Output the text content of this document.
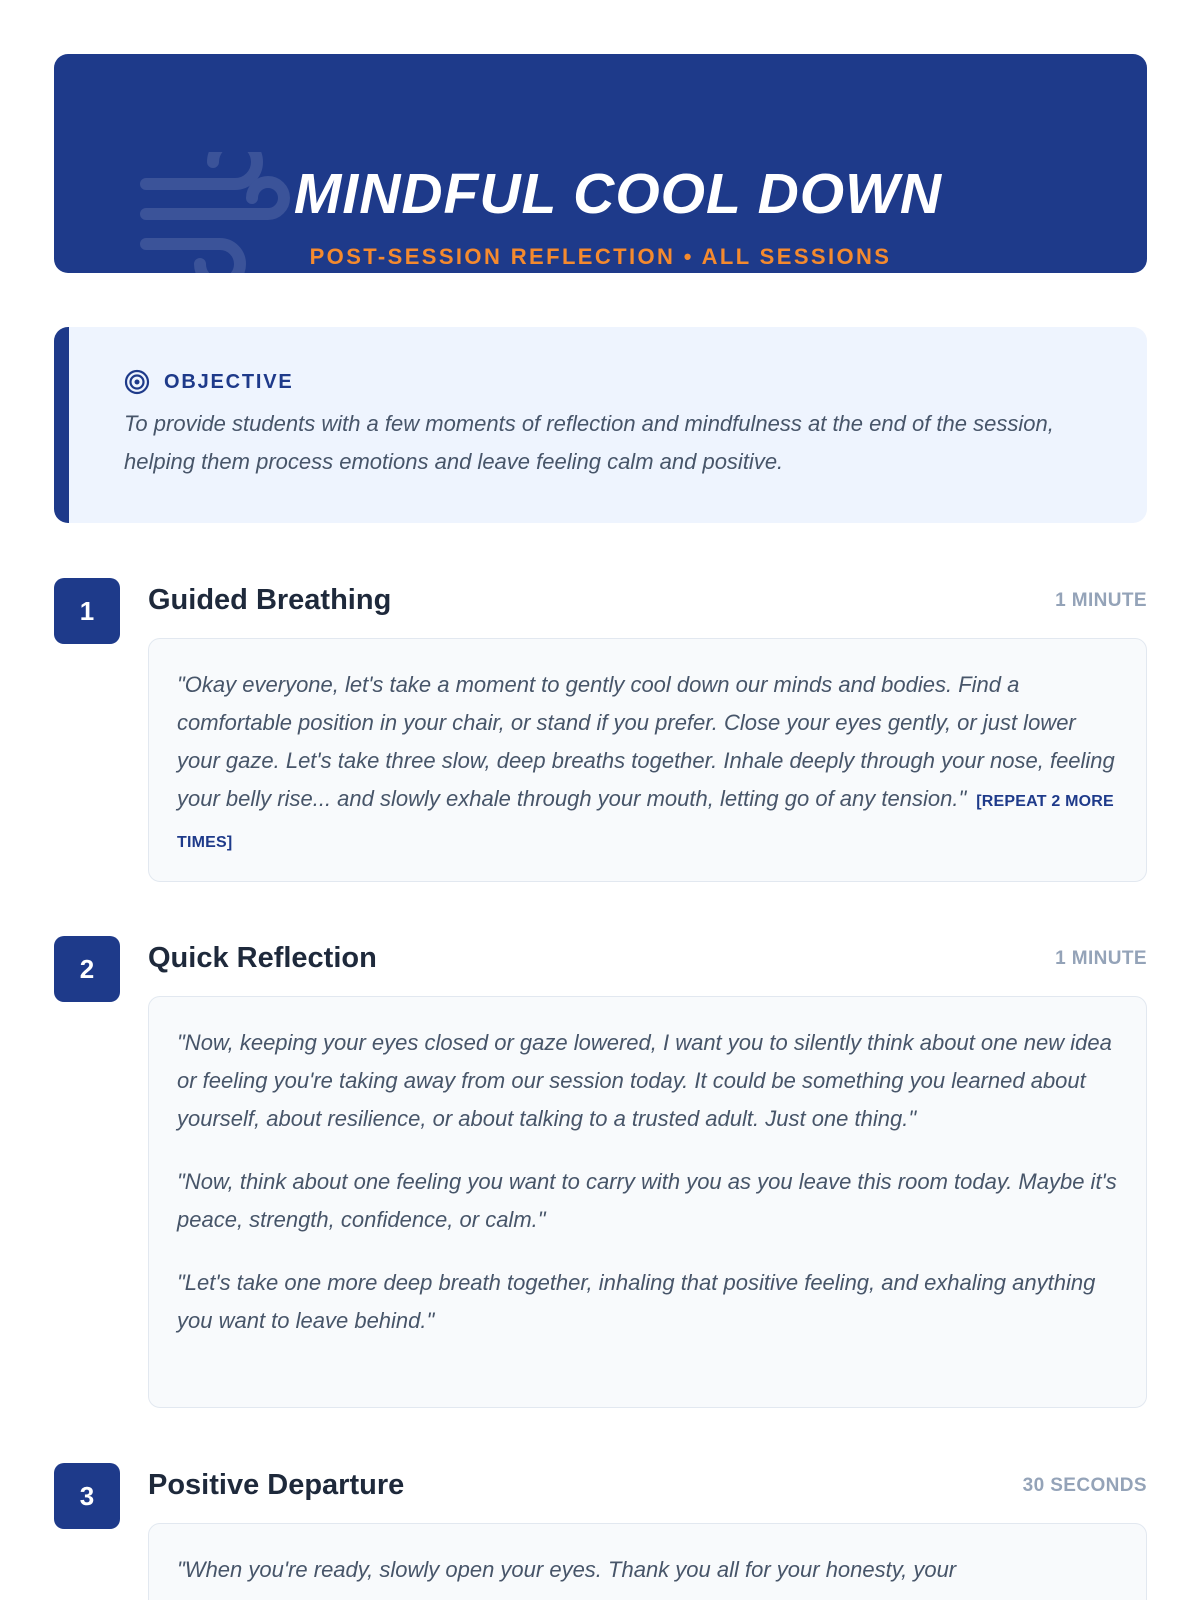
MINDFUL COOL DOWN
POST-SESSION REFLECTION • ALL SESSIONS
OBJECTIVE
To provide students with a few moments of reflection and mindfulness at the end of the session, helping them process emotions and leave feeling calm and positive.
1	Guided Breathing	1 MINUTE

"Okay everyone, let's take a moment to gently cool down our minds and bodies. Find a comfortable position in your chair, or stand if you prefer. Close your eyes gently, or just lower your gaze. Let's take three slow, deep breaths together. Inhale deeply through your nose, feeling your belly rise... and slowly exhale through your mouth, letting go of any tension." [REPEAT 2 MORE TIMES]

2	Quick Reflection	1 MINUTE

"Now, keeping your eyes closed or gaze lowered, I want you to silently think about one new idea or feeling you're taking away from our session today. It could be something you learned about yourself, about resilience, or about talking to a trusted adult. Just one thing."

"Now, think about one feeling you want to carry with you as you leave this room today. Maybe it's peace, strength, confidence, or calm."

"Let's take one more deep breath together, inhaling that positive feeling, and exhaling anything you want to leave behind."

3	Positive Departure	30 SECONDS

"When you're ready, slowly open your eyes. Thank you all for your honesty, your
